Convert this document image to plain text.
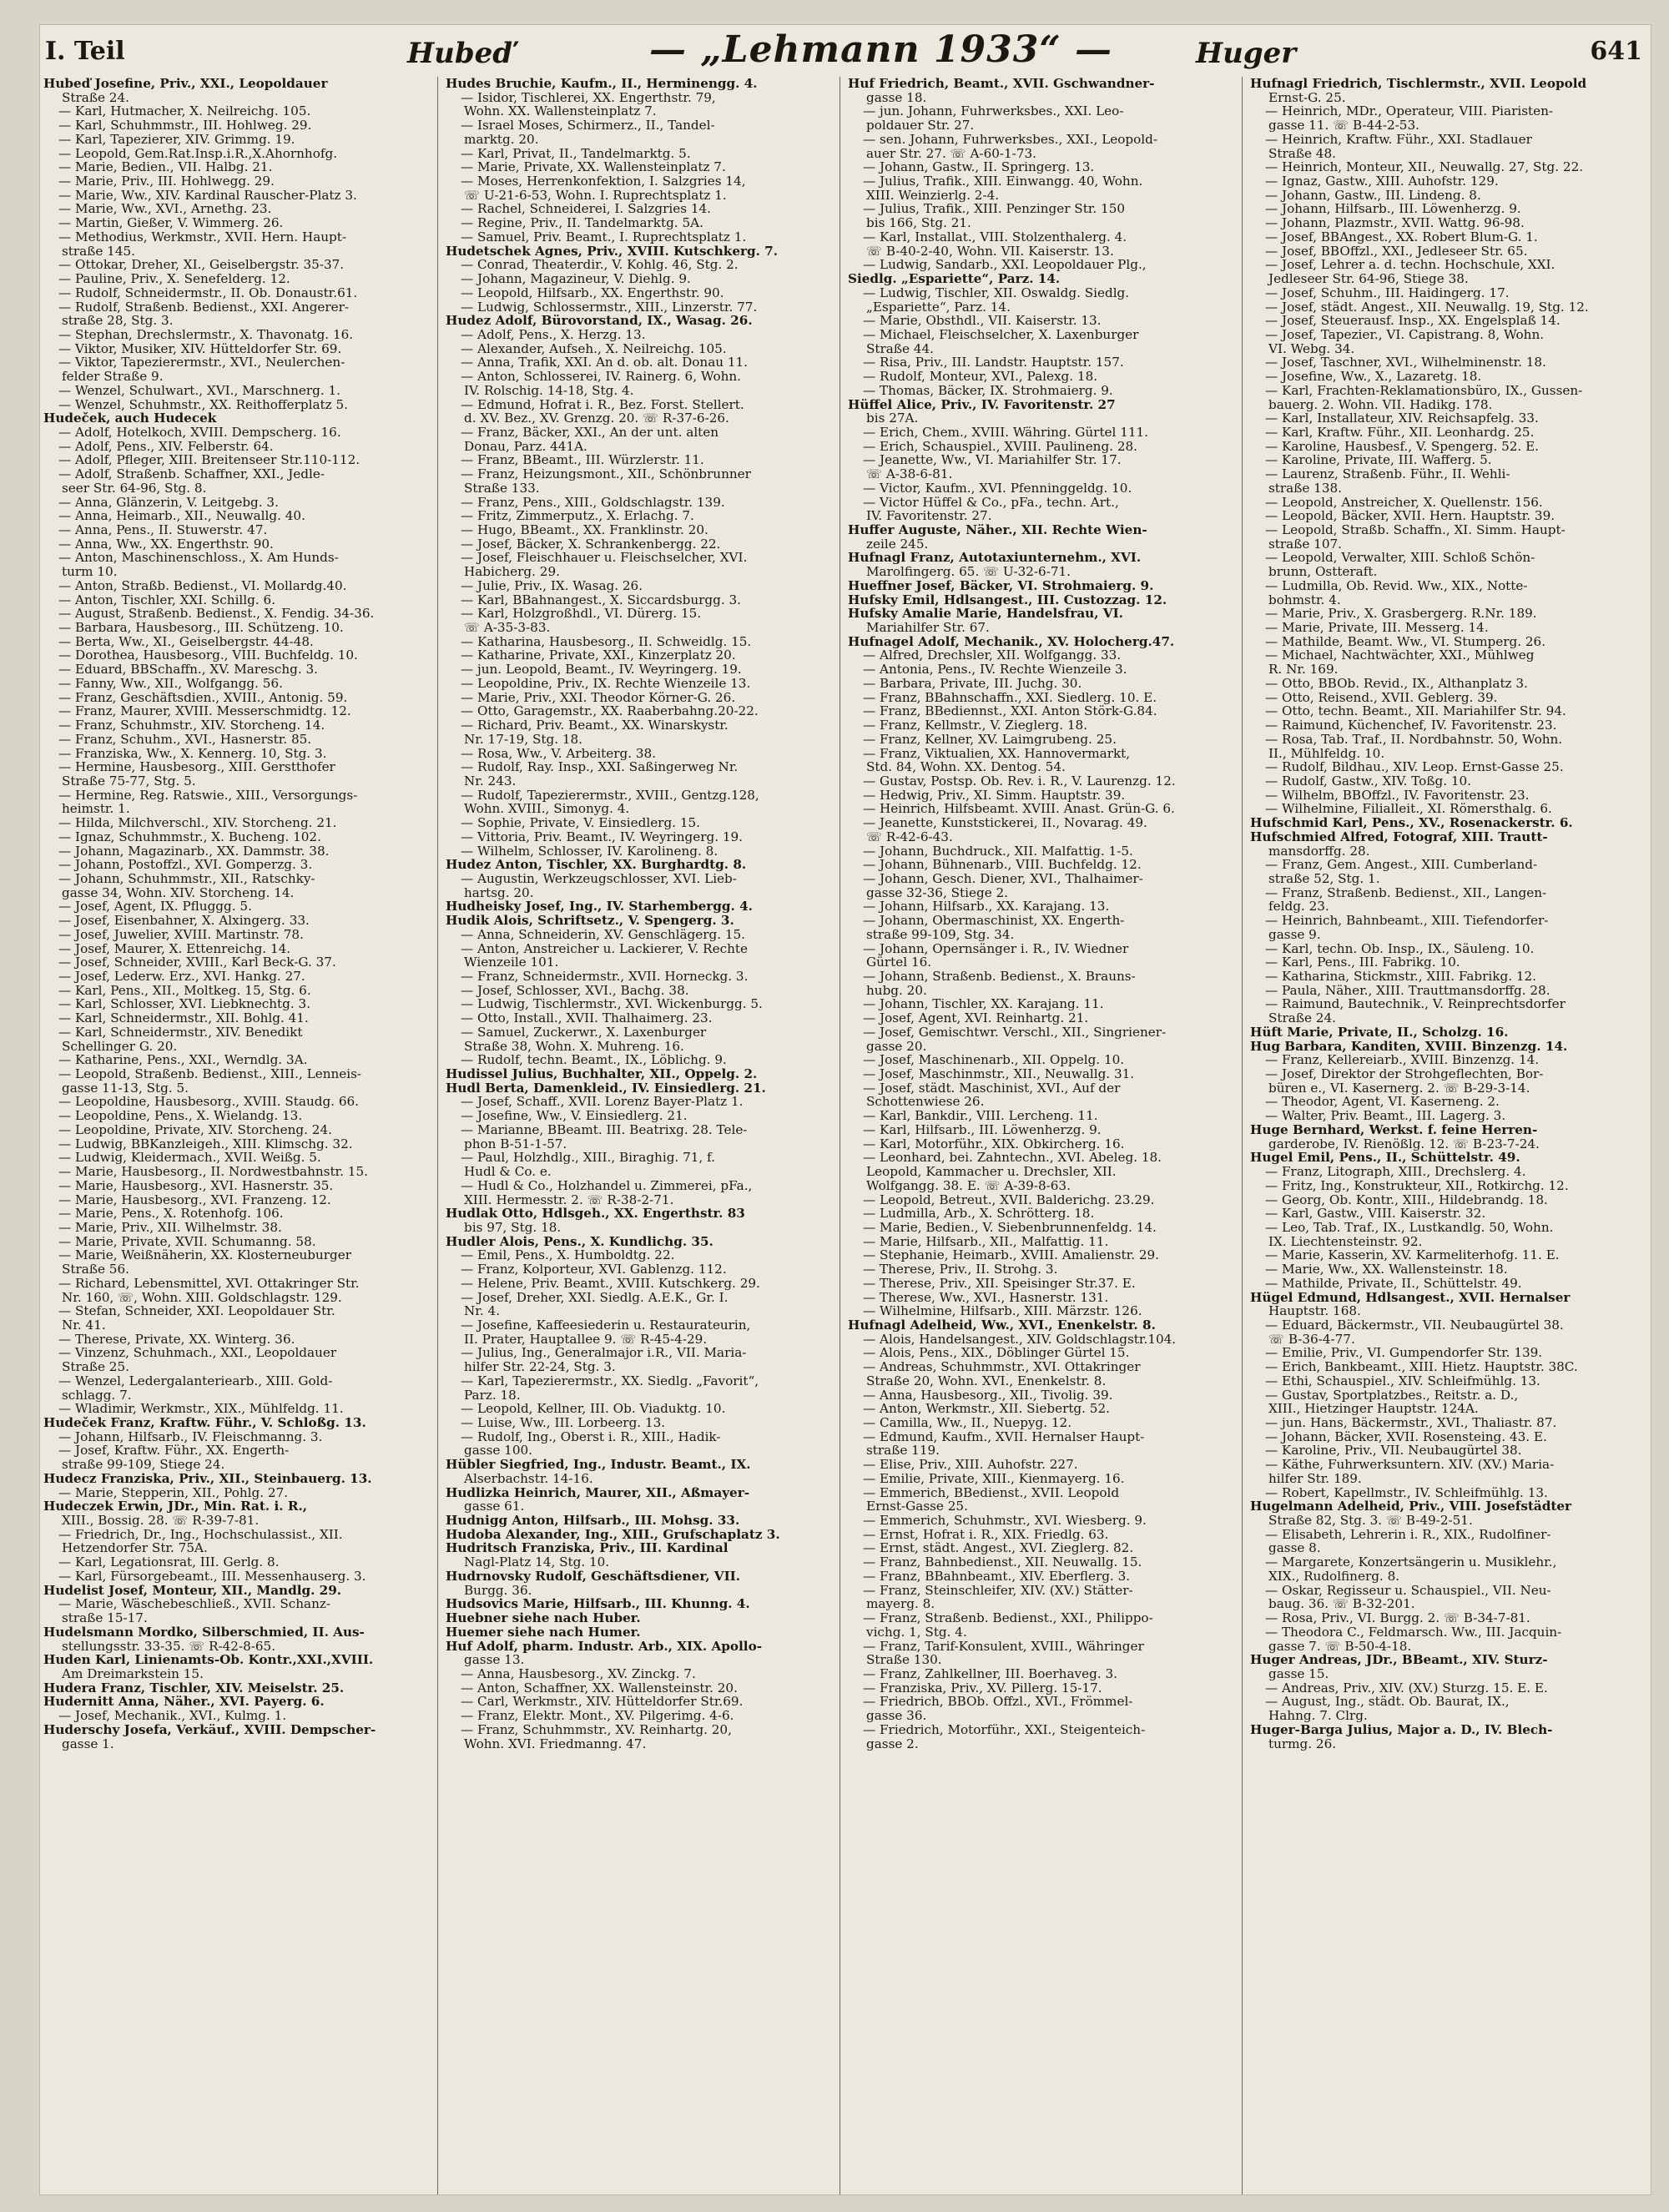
I. Teil	Hubeď	— „Lehmann 1933“ —	Huger	641
Hubeď Josefine, Priv., XXI., Leopoldauer
Straße 24.
— Karl, Hutmacher, X. Neilreichg. 105.
— Karl, Schuhmmstr., III. Hohlweg. 29.
— Karl, Tapezierer, XIV. Grimmg. 19.
— Leopold, Gem.Rat.Insp.i.R.,X.Ahornhofg.
— Marie, Bedien., VII. Halbg. 21.
— Marie, Priv., III. Hohlwegg. 29.
— Marie, Ww., XIV. Kardinal Rauscher-Platz 3.
— Marie, Ww., XVI., Arnethg. 23.
— Martin, Gießer, V. Wimmerg. 26.
— Methodius, Werkmstr., XVII. Hern. Haupt-
straße 145.
— Ottokar, Dreher, XI., Geiselbergstr. 35-37.
— Pauline, Priv., X. Senefelderg. 12.
— Rudolf, Schneidermstr., II. Ob. Donaustr.61.
— Rudolf, Straßenb. Bedienst., XXI. Angerer-
straße 28, Stg. 3.
— Stephan, Drechslermstr., X. Thavonatg. 16.
— Viktor, Musiker, XIV. Hütteldorfer Str. 69.
— Viktor, Tapezierermstr., XVI., Neulerchen-
felder Straße 9.
— Wenzel, Schulwart., XVI., Marschnerg. 1.
— Wenzel, Schuhmstr., XX. Reithofferplatz 5.
Hudeček, auch Hudecek
— Adolf, Hotelkoch, XVIII. Dempscherg. 16.
— Adolf, Pens., XIV. Felberstr. 64.
— Adolf, Pfleger, XIII. Breitenseer Str.110-112.
— Adolf, Straßenb. Schaffner, XXI., Jedle-
seer Str. 64-96, Stg. 8.
— Anna, Glänzerin, V. Leitgebg. 3.
— Anna, Heimarb., XII., Neuwallg. 40.
— Anna, Pens., II. Stuwerstr. 47.
— Anna, Ww., XX. Engerthstr. 90.
— Anton, Maschinenschloss., X. Am Hunds-
turm 10.
— Anton, Straßb. Bedienst., VI. Mollardg.40.
— Anton, Tischler, XXI. Schillg. 6.
— August, Straßenb. Bedienst., X. Fendig. 34-36.
— Barbara, Hausbesorg., III. Schützeng. 10.
— Berta, Ww., XI., Geiselbergstr. 44-48.
— Dorothea, Hausbesorg., VIII. Buchfeldg. 10.
— Eduard, BBSchaffn., XV. Mareschg. 3.
— Fanny, Ww., XII., Wolfgangg. 56.
— Franz, Geschäftsdien., XVIII., Antonig. 59.
— Franz, Maurer, XVIII. Messerschmidtg. 12.
— Franz, Schuhmstr., XIV. Storcheng. 14.
— Franz, Schuhm., XVI., Hasnerstr. 85.
— Franziska, Ww., X. Kennerg. 10, Stg. 3.
— Hermine, Hausbesorg., XIII. Gerstthofer
Straße 75-77, Stg. 5.
— Hermine, Reg. Ratswie., XIII., Versorgungs-
heimstr. 1.
— Hilda, Milchverschl., XIV. Storcheng. 21.
— Ignaz, Schuhmmstr., X. Bucheng. 102.
— Johann, Magazinarb., XX. Dammstr. 38.
— Johann, Postoffzl., XVI. Gomperzg. 3.
— Johann, Schuhmmstr., XII., Ratschky-
gasse 34, Wohn. XIV. Storcheng. 14.
— Josef, Agent, IX. Pfluggg. 5.
— Josef, Eisenbahner, X. Alxingerg. 33.
— Josef, Juwelier, XVIII. Martinstr. 78.
— Josef, Maurer, X. Ettenreichg. 14.
— Josef, Schneider, XVIII., Karl Beck-G. 37.
— Josef, Lederw. Erz., XVI. Hankg. 27.
— Karl, Pens., XII., Moltkeg. 15, Stg. 6.
— Karl, Schlosser, XVI. Liebknechtg. 3.
— Karl, Schneidermstr., XII. Bohlg. 41.
— Karl, Schneidermstr., XIV. Benedikt
Schellinger G. 20.
— Katharine, Pens., XXI., Werndlg. 3A.
— Leopold, Straßenb. Bedienst., XIII., Lenneis-
gasse 11-13, Stg. 5.
— Leopoldine, Hausbesorg., XVIII. Staudg. 66.
— Leopoldine, Pens., X. Wielandg. 13.
— Leopoldine, Private, XIV. Storcheng. 24.
— Ludwig, BBKanzleigeh., XIII. Klimschg. 32.
— Ludwig, Kleidermach., XVII. Weißg. 5.
— Marie, Hausbesorg., II. Nordwestbahnstr. 15.
— Marie, Hausbesorg., XVI. Hasnerstr. 35.
— Marie, Hausbesorg., XVI. Franzeng. 12.
— Marie, Pens., X. Rotenhofg. 106.
— Marie, Priv., XII. Wilhelmstr. 38.
— Marie, Private, XVII. Schumanng. 58.
— Marie, Weißnäherin, XX. Klosterneuburger
Straße 56.
— Richard, Lebensmittel, XVI. Ottakringer Str.
Nr. 160, ☏, Wohn. XIII. Goldschlagstr. 129.
— Stefan, Schneider, XXI. Leopoldauer Str.
Nr. 41.
— Therese, Private, XX. Winterg. 36.
— Vinzenz, Schuhmach., XXI., Leopoldauer
Straße 25.
— Wenzel, Ledergalanteriearb., XIII. Gold-
schlagg. 7.
— Wladimir, Werkmstr., XIX., Mühlfeldg. 11.
Hudeček Franz, Kraftw. Führ., V. Schloßg. 13.
— Johann, Hilfsarb., IV. Fleischmanng. 3.
— Josef, Kraftw. Führ., XX. Engerth-
straße 99-109, Stiege 24.
Hudecz Franziska, Priv., XII., Steinbauerg. 13.
— Marie, Stepperin, XII., Pohlg. 27.
Hudeczek Erwin, JDr., Min. Rat. i. R.,
XIII., Bossig. 28. ☏ R-39-7-81.
— Friedrich, Dr., Ing., Hochschulassist., XII.
Hetzendorfer Str. 75A.
— Karl, Legationsrat, III. Gerlg. 8.
— Karl, Fürsorgebeamt., III. Messenhauserg. 3.
Hudelist Josef, Monteur, XII., Mandlg. 29.
— Marie, Wäschebeschließ., XVII. Schanz-
straße 15-17.
Hudelsmann Mordko, Silberschmied, II. Aus-
stellungsstr. 33-35. ☏ R-42-8-65.
Huden Karl, Linienamts-Ob. Kontr.,XXI.,XVIII.
Am Dreimarkstein 15.
Hudera Franz, Tischler, XIV. Meiselstr. 25.
Hudernitt Anna, Näher., XVI. Payerg. 6.
— Josef, Mechanik., XVI., Kulmg. 1.
Huderschy Josefa, Verkäuf., XVIII. Dempscher-
gasse 1.
Hudes Bruchie, Kaufm., II., Herminengg. 4.
— Isidor, Tischlerei, XX. Engerthstr. 79,
Wohn. XX. Wallensteinplatz 7.
— Israel Moses, Schirmerz., II., Tandel-
marktg. 20.
— Karl, Privat, II., Tandelmarktg. 5.
— Marie, Private, XX. Wallensteinplatz 7.
— Moses, Herrenkonfektion, I. Salzgries 14,
☏ U-21-6-53, Wohn. I. Ruprechtsplatz 1.
— Rachel, Schneiderei, I. Salzgries 14.
— Regine, Priv., II. Tandelmarktg. 5A.
— Samuel, Priv. Beamt., I. Ruprechtsplatz 1.
Hudetschek Agnes, Priv., XVIII. Kutschkerg. 7.
— Conrad, Theaterdir., V. Kohlg. 46, Stg. 2.
— Johann, Magazineur, V. Diehlg. 9.
— Leopold, Hilfsarb., XX. Engerthstr. 90.
— Ludwig, Schlossermstr., XIII., Linzerstr. 77.
Hudez Adolf, Bürovorstand, IX., Wasag. 26.
— Adolf, Pens., X. Herzg. 13.
— Alexander, Aufseh., X. Neilreichg. 105.
— Anna, Trafik, XXI. An d. ob. alt. Donau 11.
— Anton, Schlosserei, IV. Rainerg. 6, Wohn.
IV. Rolschig. 14-18, Stg. 4.
— Edmund, Hofrat i. R., Bez. Forst. Stellert.
d. XV. Bez., XV. Grenzg. 20. ☏ R-37-6-26.
— Franz, Bäcker, XXI., An der unt. alten
Donau, Parz. 441A.
— Franz, BBeamt., III. Würzlerstr. 11.
— Franz, Heizungsmont., XII., Schönbrunner
Straße 133.
— Franz, Pens., XIII., Goldschlagstr. 139.
— Fritz, Zimmerputz., X. Erlachg. 7.
— Hugo, BBeamt., XX. Franklinstr. 20.
— Josef, Bäcker, X. Schrankenbergg. 22.
— Josef, Fleischhauer u. Fleischselcher, XVI.
Habicherg. 29.
— Julie, Priv., IX. Wasag. 26.
— Karl, BBahnangest., X. Siccardsburgg. 3.
— Karl, Holzgroßhdl., VI. Dürerg. 15.
☏ A-35-3-83.
— Katharina, Hausbesorg., II. Schweidlg. 15.
— Katharine, Private, XXI., Kinzerplatz 20.
— jun. Leopold, Beamt., IV. Weyringerg. 19.
— Leopoldine, Priv., IX. Rechte Wienzeile 13.
— Marie, Priv., XXI. Theodor Körner-G. 26.
— Otto, Garagemstr., XX. Raaberbahng.20-22.
— Richard, Priv. Beamt., XX. Winarskystr.
Nr. 17-19, Stg. 18.
— Rosa, Ww., V. Arbeiterg. 38.
— Rudolf, Ray. Insp., XXI. Saßingerweg Nr.
Nr. 243.
— Rudolf, Tapezierermstr., XVIII., Gentzg.128,
Wohn. XVIII., Simonyg. 4.
— Sophie, Private, V. Einsiedlerg. 15.
— Vittoria, Priv. Beamt., IV. Weyringerg. 19.
— Wilhelm, Schlosser, IV. Karolineng. 8.
Hudez Anton, Tischler, XX. Burghardtg. 8.
— Augustin, Werkzeugschlosser, XVI. Lieb-
hartsg. 20.
Hudheisky Josef, Ing., IV. Starhembergg. 4.
Hudik Alois, Schriftsetz., V. Spengerg. 3.
— Anna, Schneiderin, XV. Genschlägerg. 15.
— Anton, Anstreicher u. Lackierer, V. Rechte
Wienzeile 101.
— Franz, Schneidermstr., XVII. Horneckg. 3.
— Josef, Schlosser, XVI., Bachg. 38.
— Ludwig, Tischlermstr., XVI. Wickenburgg. 5.
— Otto, Install., XVII. Thalhaimerg. 23.
— Samuel, Zuckerwr., X. Laxenburger
Straße 38, Wohn. X. Muhreng. 16.
— Rudolf, techn. Beamt., IX., Löblichg. 9.
Hudissel Julius, Buchhalter, XII., Oppelg. 2.
Hudl Berta, Damenkleid., IV. Einsiedlerg. 21.
— Josef, Schaff., XVII. Lorenz Bayer-Platz 1.
— Josefine, Ww., V. Einsiedlerg. 21.
— Marianne, BBeamt. III. Beatrixg. 28. Tele-
phon B-51-1-57.
— Paul, Holzhdlg., XIII., Biraghig. 71, f.
Hudl & Co. e.
— Hudl & Co., Holzhandel u. Zimmerei, pFa.,
XIII. Hermesstr. 2. ☏ R-38-2-71.
Hudlak Otto, Hdlsgeh., XX. Engerthstr. 83
bis 97, Stg. 18.
Hudler Alois, Pens., X. Kundlichg. 35.
— Emil, Pens., X. Humboldtg. 22.
— Franz, Kolporteur, XVI. Gablenzg. 112.
— Helene, Priv. Beamt., XVIII. Kutschkerg. 29.
— Josef, Dreher, XXI. Siedlg. A.E.K., Gr. I.
Nr. 4.
— Josefine, Kaffeesiederin u. Restaurateurin,
II. Prater, Hauptallee 9. ☏ R-45-4-29.
— Julius, Ing., Generalmajor i.R., VII. Maria-
hilfer Str. 22-24, Stg. 3.
— Karl, Tapezierermstr., XX. Siedlg. „Favorit“,
Parz. 18.
— Leopold, Kellner, III. Ob. Viaduktg. 10.
— Luise, Ww., III. Lorbeerg. 13.
— Rudolf, Ing., Oberst i. R., XIII., Hadik-
gasse 100.
Hübler Siegfried, Ing., Industr. Beamt., IX.
Alserbachstr. 14-16.
Hudlizka Heinrich, Maurer, XII., Aßmayer-
gasse 61.
Hudnigg Anton, Hilfsarb., III. Mohsg. 33.
Hudoba Alexander, Ing., XIII., Grufschaplatz 3.
Hudritsch Franziska, Priv., III. Kardinal
Nagl-Platz 14, Stg. 10.
Hudrnovsky Rudolf, Geschäftsdiener, VII.
Burgg. 36.
Hudsovics Marie, Hilfsarb., III. Khunng. 4.
Huebner siehe nach Huber.
Huemer siehe nach Humer.
Huf Adolf, pharm. Industr. Arb., XIX. Apollo-
gasse 13.
— Anna, Hausbesorg., XV. Zinckg. 7.
— Anton, Schaffner, XX. Wallensteinstr. 20.
— Carl, Werkmstr., XIV. Hütteldorfer Str.69.
— Franz, Elektr. Mont., XV. Pilgerimg. 4-6.
— Franz, Schuhmmstr., XV. Reinhartg. 20,
Wohn. XVI. Friedmanng. 47.
Huf Friedrich, Beamt., XVII. Gschwandner-
gasse 18.
— jun. Johann, Fuhrwerksbes., XXI. Leo-
poldauer Str. 27.
— sen. Johann, Fuhrwerksbes., XXI., Leopold-
auer Str. 27. ☏ A-60-1-73.
— Johann, Gastw., II. Springerg. 13.
— Julius, Trafik., XIII. Einwangg. 40, Wohn.
XIII. Weinzierlg. 2-4.
— Julius, Trafik., XIII. Penzinger Str. 150
bis 166, Stg. 21.
— Karl, Installat., VIII. Stolzenthalerg. 4.
☏ B-40-2-40, Wohn. VII. Kaiserstr. 13.
— Ludwig, Sandarb., XXI. Leopoldauer Plg.,
Siedlg. „Espariette“, Parz. 14.
— Ludwig, Tischler, XII. Oswaldg. Siedlg.
„Espariette“, Parz. 14.
— Marie, Obsthdl., VII. Kaiserstr. 13.
— Michael, Fleischselcher, X. Laxenburger
Straße 44.
— Risa, Priv., III. Landstr. Hauptstr. 157.
— Rudolf, Monteur, XVI., Palexg. 18.
— Thomas, Bäcker, IX. Strohmaierg. 9.
Hüffel Alice, Priv., IV. Favoritenstr. 27
bis 27A.
— Erich, Chem., XVIII. Währing. Gürtel 111.
— Erich, Schauspiel., XVIII. Paulineng. 28.
— Jeanette, Ww., VI. Mariahilfer Str. 17.
☏ A-38-6-81.
— Victor, Kaufm., XVI. Pfenninggeldg. 10.
— Victor Hüffel & Co., pFa., techn. Art.,
IV. Favoritenstr. 27.
Huffer Auguste, Näher., XII. Rechte Wien-
zeile 245.
Hufnagl Franz, Autotaxiunternehm., XVI.
Marolfingerg. 65. ☏ U-32-6-71.
Hueffner Josef, Bäcker, VI. Strohmaierg. 9.
Hufsky Emil, Hdlsangest., III. Custozzag. 12.
Hufsky Amalie Marie, Handelsfrau, VI.
Mariahilfer Str. 67.
Hufnagel Adolf, Mechanik., XV. Holocherg.47.
— Alfred, Drechsler, XII. Wolfgangg. 33.
— Antonia, Pens., IV. Rechte Wienzeile 3.
— Barbara, Private, III. Juchg. 30.
— Franz, BBahnschaffn., XXI. Siedlerg. 10. E.
— Franz, BBediennst., XXI. Anton Störk-G.84.
— Franz, Kellmstr., V. Zieglerg. 18.
— Franz, Kellner, XV. Laimgrubeng. 25.
— Franz, Viktualien, XX. Hannovermarkt,
Std. 84, Wohn. XX. Dentog. 54.
— Gustav, Postsp. Ob. Rev. i. R., V. Laurenzg. 12.
— Hedwig, Priv., XI. Simm. Hauptstr. 39.
— Heinrich, Hilfsbeamt. XVIII. Anast. Grün-G. 6.
— Jeanette, Kunststickerei, II., Novarag. 49.
☏ R-42-6-43.
— Johann, Buchdruck., XII. Malfattig. 1-5.
— Johann, Bühnenarb., VIII. Buchfeldg. 12.
— Johann, Gesch. Diener, XVI., Thalhaimer-
gasse 32-36, Stiege 2.
— Johann, Hilfsarb., XX. Karajang. 13.
— Johann, Obermaschinist, XX. Engerth-
straße 99-109, Stg. 34.
— Johann, Opernsänger i. R., IV. Wiedner
Gürtel 16.
— Johann, Straßenb. Bedienst., X. Brauns-
hubg. 20.
— Johann, Tischler, XX. Karajang. 11.
— Josef, Agent, XVI. Reinhartg. 21.
— Josef, Gemischtwr. Verschl., XII., Singriener-
gasse 20.
— Josef, Maschinenarb., XII. Oppelg. 10.
— Josef, Maschinmstr., XII., Neuwallg. 31.
— Josef, städt. Maschinist, XVI., Auf der
Schottenwiese 26.
— Karl, Bankdir., VIII. Lercheng. 11.
— Karl, Hilfsarb., III. Löwenherzg. 9.
— Karl, Motorführ., XIX. Obkircherg. 16.
— Leonhard, bei. Zahntechn., XVI. Abeleg. 18.
Leopold, Kammacher u. Drechsler, XII.
Wolfgangg. 38. E. ☏ A-39-8-63.
— Leopold, Betreut., XVII. Balderichg. 23.29.
— Ludmilla, Arb., X. Schrötterg. 18.
— Marie, Bedien., V. Siebenbrunnenfeldg. 14.
— Marie, Hilfsarb., XII., Malfattig. 11.
— Stephanie, Heimarb., XVIII. Amalienstr. 29.
— Therese, Priv., II. Strohg. 3.
— Therese, Priv., XII. Speisinger Str.37. E.
— Therese, Ww., XVI., Hasnerstr. 131.
— Wilhelmine, Hilfsarb., XIII. Märzstr. 126.
Hufnagl Adelheid, Ww., XVI., Enenkelstr. 8.
— Alois, Handelsangest., XIV. Goldschlagstr.104.
— Alois, Pens., XIX., Döblinger Gürtel 15.
— Andreas, Schuhmmstr., XVI. Ottakringer
Straße 20, Wohn. XVI., Enenkelstr. 8.
— Anna, Hausbesorg., XII., Tivolig. 39.
— Anton, Werkmstr., XII. Siebertg. 52.
— Camilla, Ww., II., Nuepyg. 12.
— Edmund, Kaufm., XVII. Hernalser Haupt-
straße 119.
— Elise, Priv., XIII. Auhofstr. 227.
— Emilie, Private, XIII., Kienmayerg. 16.
— Emmerich, BBedienst., XVII. Leopold
Ernst-Gasse 25.
— Emmerich, Schuhmstr., XVI. Wiesberg. 9.
— Ernst, Hofrat i. R., XIX. Friedlg. 63.
— Ernst, städt. Angest., XVI. Zieglerg. 82.
— Franz, Bahnbedienst., XII. Neuwallg. 15.
— Franz, BBahnbeamt., XIV. Eberflerg. 3.
— Franz, Steinschleifer, XIV. (XV.) Stätter-
mayerg. 8.
— Franz, Straßenb. Bedienst., XXI., Philippo-
vichg. 1, Stg. 4.
— Franz, Tarif-Konsulent, XVIII., Währinger
Straße 130.
— Franz, Zahlkellner, III. Boerhaveg. 3.
— Franziska, Priv., XV. Pillerg. 15-17.
— Friedrich, BBOb. Offzl., XVI., Frömmel-
gasse 36.
— Friedrich, Motorführ., XXI., Steigenteich-
gasse 2.
Hufnagl Friedrich, Tischlermstr., XVII. Leopold
Ernst-G. 25.
— Heinrich, MDr., Operateur, VIII. Piaristen-
gasse 11. ☏ B-44-2-53.
— Heinrich, Kraftw. Führ., XXI. Stadlauer
Straße 48.
— Heinrich, Monteur, XII., Neuwallg. 27, Stg. 22.
— Ignaz, Gastw., XIII. Auhofstr. 129.
— Johann, Gastw., III. Lindeng. 8.
— Johann, Hilfsarb., III. Löwenherzg. 9.
— Johann, Plazmstr., XVII. Wattg. 96-98.
— Josef, BBAngest., XX. Robert Blum-G. 1.
— Josef, BBOffzl., XXI., Jedleseer Str. 65.
— Josef, Lehrer a. d. techn. Hochschule, XXI.
Jedleseer Str. 64-96, Stiege 38.
— Josef, Schuhm., III. Haidingerg. 17.
— Josef, städt. Angest., XII. Neuwallg. 19, Stg. 12.
— Josef, Steuerausf. Insp., XX. Engelsplaß 14.
— Josef, Tapezier., VI. Capistrang. 8, Wohn.
VI. Webg. 34.
— Josef, Taschner, XVI., Wilhelminenstr. 18.
— Josefine, Ww., X., Lazaretg. 18.
— Karl, Frachten-Reklamationsbüro, IX., Gussen-
bauerg. 2. Wohn. VII. Hadikg. 178.
— Karl, Installateur, XIV. Reichsapfelg. 33.
— Karl, Kraftw. Führ., XII. Leonhardg. 25.
— Karoline, Hausbesf., V. Spengerg. 52. E.
— Karoline, Private, III. Wafferg. 5.
— Laurenz, Straßenb. Führ., II. Wehli-
straße 138.
— Leopold, Anstreicher, X. Quellenstr. 156.
— Leopold, Bäcker, XVII. Hern. Hauptstr. 39.
— Leopold, Straßb. Schaffn., XI. Simm. Haupt-
straße 107.
— Leopold, Verwalter, XIII. Schloß Schön-
brunn, Ostteraft.
— Ludmilla, Ob. Revid. Ww., XIX., Notte-
bohmstr. 4.
— Marie, Priv., X. Grasbergerg. R.Nr. 189.
— Marie, Private, III. Messerg. 14.
— Mathilde, Beamt. Ww., VI. Stumperg. 26.
— Michael, Nachtwächter, XXI., Mühlweg
R. Nr. 169.
— Otto, BBOb. Revid., IX., Althanplatz 3.
— Otto, Reisend., XVII. Geblerg. 39.
— Otto, techn. Beamt., XII. Mariahilfer Str. 94.
— Raimund, Küchenchef, IV. Favoritenstr. 23.
— Rosa, Tab. Traf., II. Nordbahnstr. 50, Wohn.
II., Mühlfeldg. 10.
— Rudolf, Bildhau., XIV. Leop. Ernst-Gasse 25.
— Rudolf, Gastw., XIV. Toßg. 10.
— Wilhelm, BBOffzl., IV. Favoritenstr. 23.
— Wilhelmine, Filialleit., XI. Römersthalg. 6.
Hufschmid Karl, Pens., XV., Rosenackerstr. 6.
Hufschmied Alfred, Fotograf, XIII. Trautt-
mansdorffg. 28.
— Franz, Gem. Angest., XIII. Cumberland-
straße 52, Stg. 1.
— Franz, Straßenb. Bedienst., XII., Langen-
feldg. 23.
— Heinrich, Bahnbeamt., XIII. Tiefendorfer-
gasse 9.
— Karl, techn. Ob. Insp., IX., Säuleng. 10.
— Karl, Pens., III. Fabrikg. 10.
— Katharina, Stickmstr., XIII. Fabrikg. 12.
— Paula, Näher., XIII. Trauttmansdorffg. 28.
— Raimund, Bautechnik., V. Reinprechtsdorfer
Straße 24.
Hüft Marie, Private, II., Scholzg. 16.
Hug Barbara, Kanditen, XVIII. Binzenzg. 14.
— Franz, Kellereiarb., XVIII. Binzenzg. 14.
— Josef, Direktor der Strohgeflechten, Bor-
büren e., VI. Kasernerg. 2. ☏ B-29-3-14.
— Theodor, Agent, VI. Kaserneng. 2.
— Walter, Priv. Beamt., III. Lagerg. 3.
Huge Bernhard, Werkst. f. feine Herren-
garderobe, IV. Rienößlg. 12. ☏ B-23-7-24.
Hugel Emil, Pens., II., Schüttelstr. 49.
— Franz, Litograph, XIII., Drechslerg. 4.
— Fritz, Ing., Konstrukteur, XII., Rotkirchg. 12.
— Georg, Ob. Kontr., XIII., Hildebrandg. 18.
— Karl, Gastw., VIII. Kaiserstr. 32.
— Leo, Tab. Traf., IX., Lustkandlg. 50, Wohn.
IX. Liechtensteinstr. 92.
— Marie, Kasserin, XV. Karmeliterhofg. 11. E.
— Marie, Ww., XX. Wallensteinstr. 18.
— Mathilde, Private, II., Schüttelstr. 49.
Hügel Edmund, Hdlsangest., XVII. Hernalser
Hauptstr. 168.
— Eduard, Bäckermstr., VII. Neubaugürtel 38.
☏ B-36-4-77.
— Emilie, Priv., VI. Gumpendorfer Str. 139.
— Erich, Bankbeamt., XIII. Hietz. Hauptstr. 38C.
— Ethi, Schauspiel., XIV. Schleifmühlg. 13.
— Gustav, Sportplatzbes., Reitstr. a. D.,
XIII., Hietzinger Hauptstr. 124A.
— jun. Hans, Bäckermstr., XVI., Thaliastr. 87.
— Johann, Bäcker, XVII. Rosensteing. 43. E.
— Karoline, Priv., VII. Neubaugürtel 38.
— Käthe, Fuhrwerksuntern. XIV. (XV.) Maria-
hilfer Str. 189.
— Robert, Kapellmstr., IV. Schleifmühlg. 13.
Hugelmann Adelheid, Priv., VIII. Josefstädter
Straße 82, Stg. 3. ☏ B-49-2-51.
— Elisabeth, Lehrerin i. R., XIX., Rudolfiner-
gasse 8.
— Margarete, Konzertsängerin u. Musiklehr.,
XIX., Rudolfinerg. 8.
— Oskar, Regisseur u. Schauspiel., VII. Neu-
baug. 36. ☏ B-32-201.
— Rosa, Priv., VI. Burgg. 2. ☏ B-34-7-81.
— Theodora C., Feldmarsch. Ww., III. Jacquin-
gasse 7. ☏ B-50-4-18.
Huger Andreas, JDr., BBeamt., XIV. Sturz-
gasse 15.
— Andreas, Priv., XIV. (XV.) Sturzg. 15. E. E.
— August, Ing., städt. Ob. Baurat, IX.,
Hahng. 7. Clrg.
Huger-Barga Julius, Major a. D., IV. Blech-
turmg. 26.
